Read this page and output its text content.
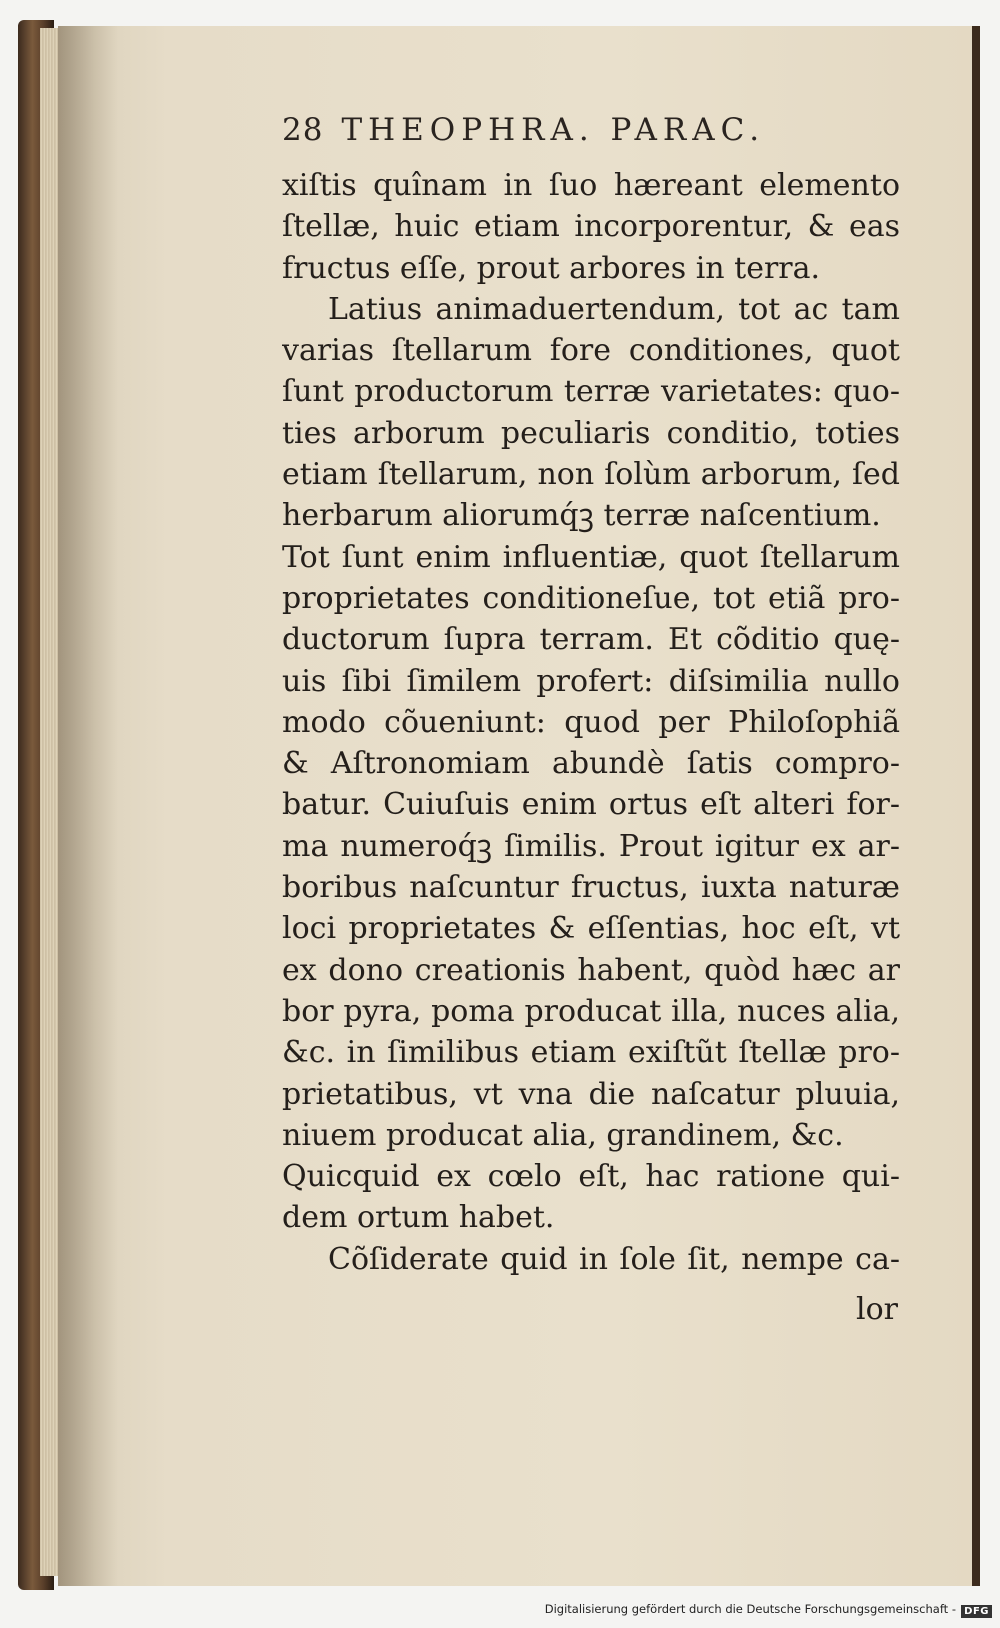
28 THEOPHRA. PARAC.
xiſtis quînam in ſuo hæreant elemento
ſtellæ, huic etiam incorporentur, & eas
fructus eſſe, prout arbores in terra.
Latius animaduertendum, tot ac tam
varias ſtellarum fore conditiones, quot
ſunt productorum terræ varietates: quo-
ties arborum peculiaris conditio, toties
etiam ſtellarum, non ſolùm arborum, ſed
herbarum aliorumq́ꝫ terræ naſcentium.
Tot ſunt enim influentiæ, quot ſtellarum
proprietates conditioneſue, tot etiã pro-
ductorum ſupra terram. Et cõditio quę-
uis ſibi ſimilem profert: diſsimilia nullo
modo cõueniunt: quod per Philoſophiã
& Aſtronomiam abundè ſatis compro-
batur. Cuiuſuis enim ortus eſt alteri for-
ma numeroq́ꝫ ſimilis. Prout igitur ex ar-
boribus naſcuntur fructus, iuxta naturæ
loci proprietates & eſſentias, hoc eſt, vt
ex dono creationis habent, quòd hæc ar
bor pyra, poma producat illa, nuces alia,
&c. in ſimilibus etiam exiſtũt ſtellæ pro-
prietatibus, vt vna die naſcatur pluuia,
niuem producat alia, grandinem, &c.
Quicquid ex cœlo eſt, hac ratione qui-
dem ortum habet.
Cõſiderate quid in ſole ſit, nempe ca-
lor
Digitalisierung gefördert durch die Deutsche Forschungsgemeinschaft - DFG
